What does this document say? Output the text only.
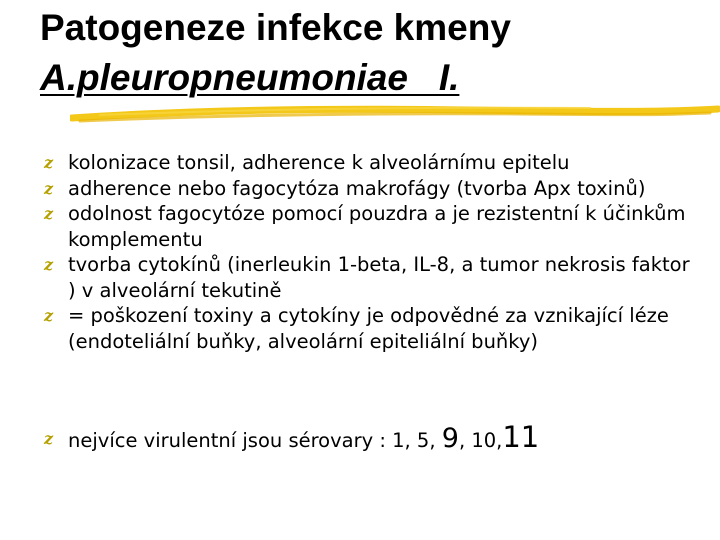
Patogeneze infekce kmeny
A.pleuropneumoniae   I.
z kolonizace tonsil, adherence k alveolárnímu epitelu
z adherence nebo fagocytóza makrofágy (tvorba Apx toxinů)
z odolnost fagocytóze pomocí pouzdra a je rezistentní k účinkům komplementu
z tvorba cytokínů (inerleukin 1-beta, IL-8, a tumor nekrosis faktor ) v alveolární tekutině
z = poškození toxiny a cytokíny je odpovědné za vznikající léze (endoteliální buňky, alveolární epiteliální buňky)
z nejvíce virulentní jsou sérovary : 1, 5, 9, 10,11
